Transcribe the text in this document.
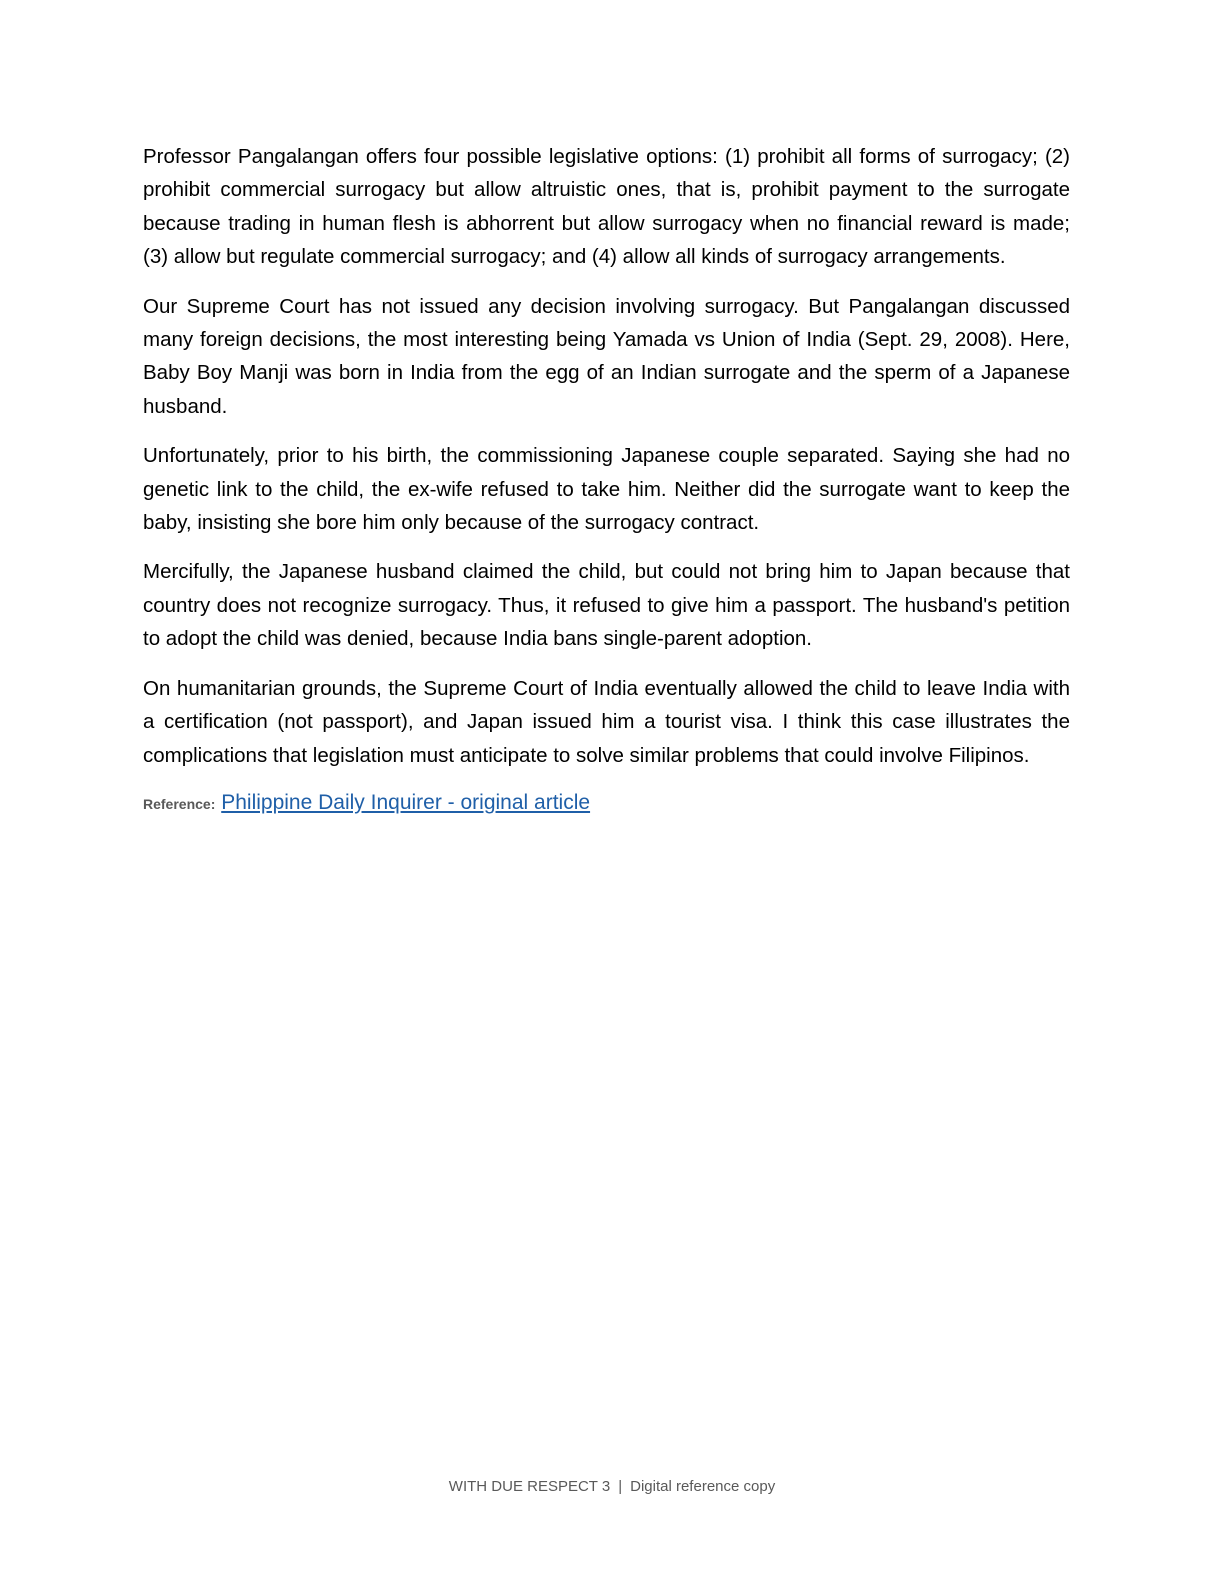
Professor Pangalangan offers four possible legislative options: (1) prohibit all forms of surrogacy; (2) prohibit commercial surrogacy but allow altruistic ones, that is, prohibit payment to the surrogate because trading in human flesh is abhorrent but allow surrogacy when no financial reward is made; (3) allow but regulate commercial surrogacy; and (4) allow all kinds of surrogacy arrangements.

Our Supreme Court has not issued any decision involving surrogacy. But Pangalangan discussed many foreign decisions, the most interesting being Yamada vs Union of India (Sept. 29, 2008). Here, Baby Boy Manji was born in India from the egg of an Indian surrogate and the sperm of a Japanese husband.

Unfortunately, prior to his birth, the commissioning Japanese couple separated. Saying she had no genetic link to the child, the ex-wife refused to take him. Neither did the surrogate want to keep the baby, insisting she bore him only because of the surrogacy contract.

Mercifully, the Japanese husband claimed the child, but could not bring him to Japan because that country does not recognize surrogacy. Thus, it refused to give him a passport. The husband's petition to adopt the child was denied, because India bans single-parent adoption.

On humanitarian grounds, the Supreme Court of India eventually allowed the child to leave India with a certification (not passport), and Japan issued him a tourist visa. I think this case illustrates the complications that legislation must anticipate to solve similar problems that could involve Filipinos.

Reference: Philippine Daily Inquirer - original article
WITH DUE RESPECT 3 | Digital reference copy
